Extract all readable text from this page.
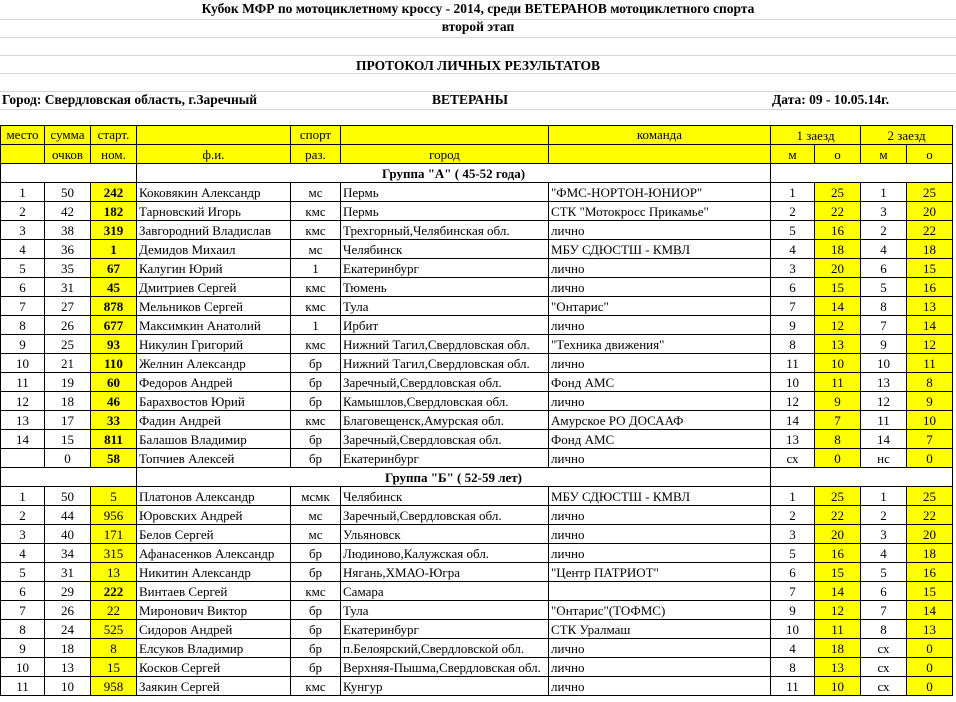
Кубок МФР по мотоциклетному кроссу - 2014, среди ВЕТЕРАНОВ мотоциклетного спорта
второй этап
ПРОТОКОЛ ЛИЧНЫХ РЕЗУЛЬТАТОВ
Город: Свердловская область, г.Заречный	ВЕТЕРАНЫ	Дата: 09 - 10.05.14г.
место	сумма	старт.		спорт		команда	1 заезд		2 заезд	
	очков	ном.	ф.и.	раз.	город		м	о	м	о
			Группа "А" ( 45-52 года)							
1	50	242	Коковякин Александр	мс	Пермь	"ФМС-НОРТОН-ЮНИОР"	1	25	1	25
2	42	182	Тарновский Игорь	кмс	Пермь	СТК "Мотокросс Прикамье"	2	22	3	20
3	38	319	Завгородний Владислав	кмс	Трехгорный,Челябинская обл.	лично	5	16	2	22
4	36	1	Демидов Михаил	мс	Челябинск	МБУ СДЮСТШ - КМВЛ	4	18	4	18
5	35	67	Калугин Юрий	1	Екатеринбург	лично	3	20	6	15
6	31	45	Дмитриев Сергей	кмс	Тюмень	лично	6	15	5	16
7	27	878	Мельников Сергей	кмс	Тула	"Онтарис"	7	14	8	13
8	26	677	Максимкин Анатолий	1	Ирбит	лично	9	12	7	14
9	25	93	Никулин Григорий	кмс	Нижний Тагил,Свердловская обл.	"Техника движения"	8	13	9	12
10	21	110	Желнин Александр	бр	Нижний Тагил,Свердловская обл.	лично	11	10	10	11
11	19	60	Федоров Андрей	бр	Заречный,Свердловская обл.	Фонд АМС	10	11	13	8
12	18	46	Барахвостов Юрий	бр	Камышлов,Свердловская обл.	лично	12	9	12	9
13	17	33	Фадин Андрей	кмс	Благовещенск,Амурская обл.	Амурское РО ДОСААФ	14	7	11	10
14	15	811	Балашов Владимир	бр	Заречный,Свердловская обл.	Фонд АМС	13	8	14	7
	0	58	Топчиев Алексей	бр	Екатеринбург	лично	сх	0	нс	0
			Группа "Б" ( 52-59 лет)							
1	50	5	Платонов Александр	мсмк	Челябинск	МБУ СДЮСТШ - КМВЛ	1	25	1	25
2	44	956	Юровских Андрей	мс	Заречный,Свердловская обл.	лично	2	22	2	22
3	40	171	Белов Сергей	мс	Ульяновск	лично	3	20	3	20
4	34	315	Афанасенков Александр	бр	Людиново,Калужская обл.	лично	5	16	4	18
5	31	13	Никитин Александр	бр	Нягань,ХМАО-Югра	"Центр ПАТРИОТ"	6	15	5	16
6	29	222	Винтаев Сергей	кмс	Самара		7	14	6	15
7	26	22	Миронович Виктор	бр	Тула	"Онтарис"(ТОФМС)	9	12	7	14
8	24	525	Сидоров Андрей	бр	Екатеринбург	СТК Уралмаш	10	11	8	13
9	18	8	Елсуков Владимир	бр	п.Белоярский,Свердловской обл.	лично	4	18	сх	0
10	13	15	Косков Сергей	бр	Верхняя-Пышма,Свердловская обл.	лично	8	13	сх	0
11	10	958	Заякин Сергей	кмс	Кунгур	лично	11	10	сх	0
